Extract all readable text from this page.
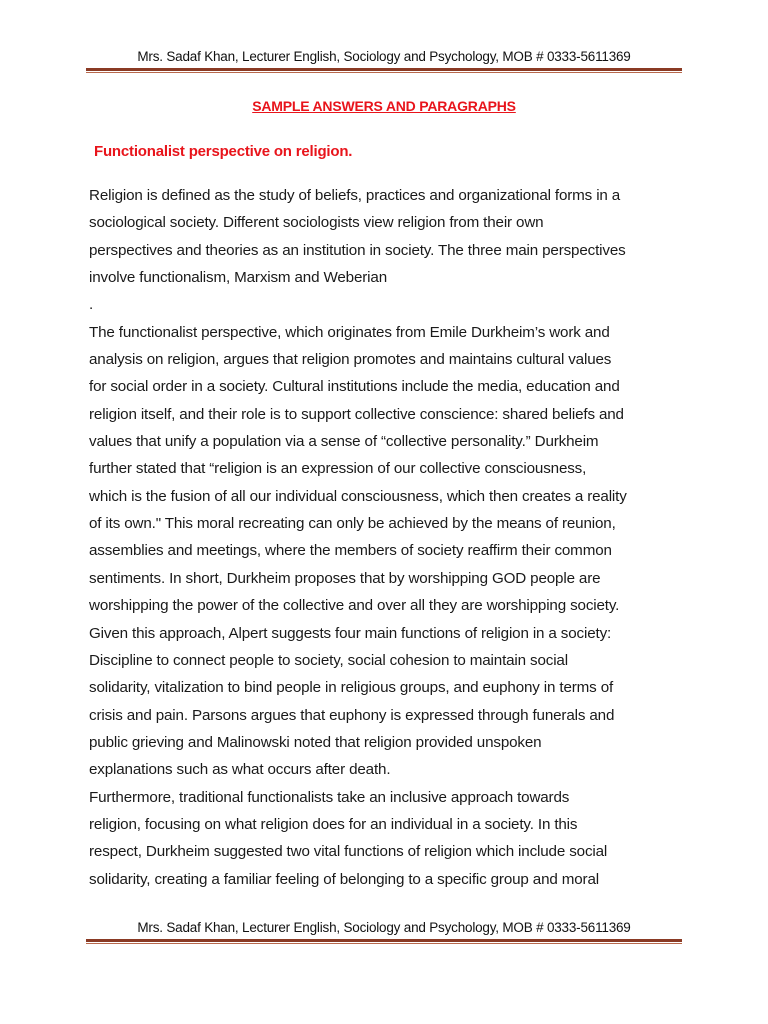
Mrs. Sadaf Khan, Lecturer English, Sociology and Psychology, MOB # 0333-5611369
SAMPLE ANSWERS AND PARAGRAPHS
Functionalist perspective on religion.
Religion is defined as the study of beliefs, practices and organizational forms in a
sociological society. Different sociologists view religion from their own
perspectives and theories as an institution in society. The three main perspectives
involve functionalism, Marxism and Weberian
.
The functionalist perspective, which originates from Emile Durkheim’s work and
analysis on religion, argues that religion promotes and maintains cultural values
for social order in a society. Cultural institutions include the media, education and
religion itself, and their role is to support collective conscience: shared beliefs and
values that unify a population via a sense of “collective personality.” Durkheim
further stated that “religion is an expression of our collective consciousness,
which is the fusion of all our individual consciousness, which then creates a reality
of its own." This moral recreating can only be achieved by the means of reunion,
assemblies and meetings, where the members of society reaffirm their common
sentiments. In short, Durkheim proposes that by worshipping GOD people are
worshipping the power of the collective and over all they are worshipping society.
Given this approach, Alpert suggests four main functions of religion in a society:
Discipline to connect people to society, social cohesion to maintain social
solidarity, vitalization to bind people in religious groups, and euphony in terms of
crisis and pain. Parsons argues that euphony is expressed through funerals and
public grieving and Malinowski noted that religion provided unspoken
explanations such as what occurs after death.
Furthermore, traditional functionalists take an inclusive approach towards
religion, focusing on what religion does for an individual in a society. In this
respect, Durkheim suggested two vital functions of religion which include social
solidarity, creating a familiar feeling of belonging to a specific group and moral
Mrs. Sadaf Khan, Lecturer English, Sociology and Psychology, MOB # 0333-5611369
